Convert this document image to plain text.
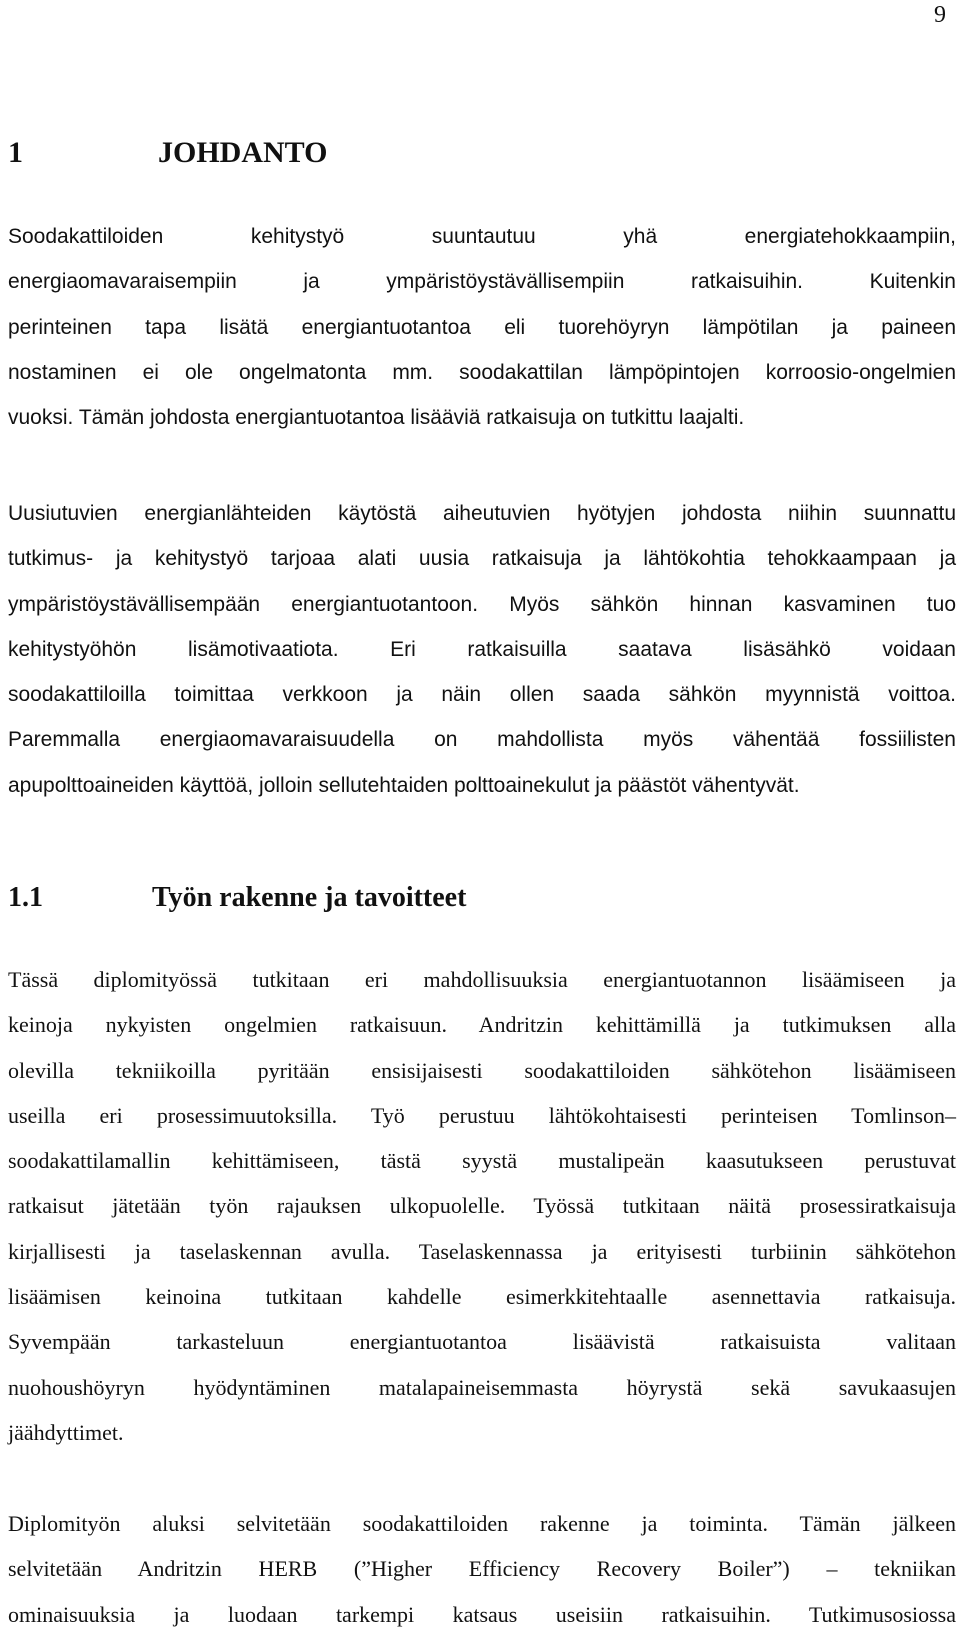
9
1	JOHDANTO
Soodakattiloiden kehitystyö suuntautuu yhä energiatehokkaampiin,
energiaomavaraisempiin ja ympäristöystävällisempiin ratkaisuihin. Kuitenkin
perinteinen tapa lisätä energiantuotantoa eli tuorehöyryn lämpötilan ja paineen
nostaminen ei ole ongelmatonta mm. soodakattilan lämpöpintojen korroosio-ongelmien
vuoksi. Tämän johdosta energiantuotantoa lisääviä ratkaisuja on tutkittu laajalti.
Uusiutuvien energianlähteiden käytöstä aiheutuvien hyötyjen johdosta niihin suunnattu
tutkimus- ja kehitystyö tarjoaa alati uusia ratkaisuja ja lähtökohtia tehokkaampaan ja
ympäristöystävällisempään energiantuotantoon. Myös sähkön hinnan kasvaminen tuo
kehitystyöhön lisämotivaatiota. Eri ratkaisuilla saatava lisäsähkö voidaan
soodakattiloilla toimittaa verkkoon ja näin ollen saada sähkön myynnistä voittoa.
Paremmalla energiaomavaraisuudella on mahdollista myös vähentää fossiilisten
apupolttoaineiden käyttöä, jolloin sellutehtaiden polttoainekulut ja päästöt vähentyvät.
1.1	Työn rakenne ja tavoitteet
Tässä diplomityössä tutkitaan eri mahdollisuuksia energiantuotannon lisäämiseen ja
keinoja nykyisten ongelmien ratkaisuun. Andritzin kehittämillä ja tutkimuksen alla
olevilla tekniikoilla pyritään ensisijaisesti soodakattiloiden sähkötehon lisäämiseen
useilla eri prosessimuutoksilla. Työ perustuu lähtökohtaisesti perinteisen Tomlinson–
soodakattilamallin kehittämiseen, tästä syystä mustalipeän kaasutukseen perustuvat
ratkaisut jätetään työn rajauksen ulkopuolelle. Työssä tutkitaan näitä prosessiratkaisuja
kirjallisesti ja taselaskennan avulla. Taselaskennassa ja erityisesti turbiinin sähkötehon
lisäämisen keinoina tutkitaan kahdelle esimerkkitehtaalle asennettavia ratkaisuja.
Syvempään tarkasteluun energiantuotantoa lisäävistä ratkaisuista valitaan
nuohoushöyryn hyödyntäminen matalapaineisemmasta höyrystä sekä savukaasujen
jäähdyttimet.
Diplomityön aluksi selvitetään soodakattiloiden rakenne ja toiminta. Tämän jälkeen
selvitetään Andritzin HERB (”Higher Efficiency Recovery Boiler”) – tekniikan
ominaisuuksia ja luodaan tarkempi katsaus useisiin ratkaisuihin. Tutkimusosiossa
